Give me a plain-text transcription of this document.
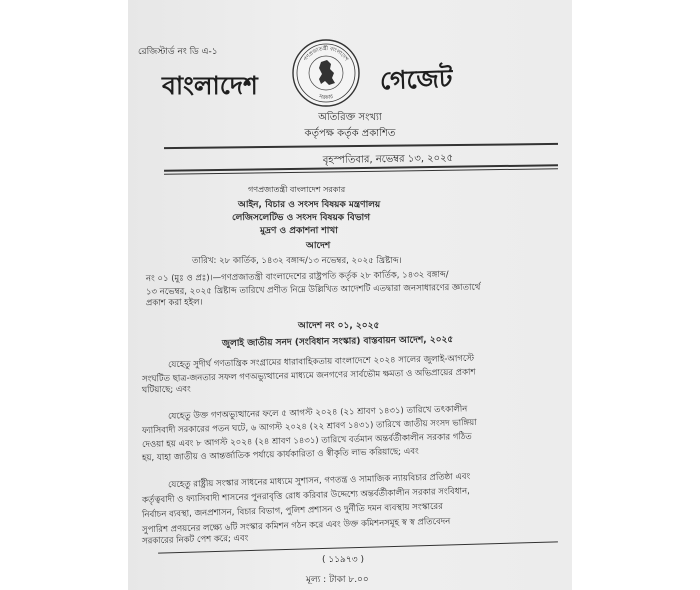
রেজিস্টার্ড নং ডি এ-১
বাংলাদেশ
গণপ্রজাতন্ত্রী বাংলাদেশ
সরকার
গেজেট
অতিরিক্ত সংখ্যা
কর্তৃপক্ষ কর্তৃক প্রকাশিত
বৃহস্পতিবার, নভেম্বর ১৩, ২০২৫
গণপ্রজাতন্ত্রী বাংলাদেশ সরকার
আইন, বিচার ও সংসদ বিষয়ক মন্ত্রণালয়
লেজিসলেটিভ ও সংসদ বিষয়ক বিভাগ
মুদ্রণ ও প্রকাশনা শাখা
আদেশ
তারিখ: ২৮ কার্তিক, ১৪৩২ বঙ্গাব্দ/১৩ নভেম্বর, ২০২৫ খ্রিষ্টাব্দ।
নং ০১ (মুঃ ও প্রঃ)।—গণপ্রজাতন্ত্রী বাংলাদেশের রাষ্ট্রপতি কর্তৃক ২৮ কার্তিক, ১৪৩২ বঙ্গাব্দ/
১৩ নভেম্বর, ২০২৫ খ্রিষ্টাব্দ তারিখে প্রণীত নিম্নে উল্লিখিত আদেশটি এতদ্বারা জনসাধারণের জ্ঞাতার্থে
প্রকাশ করা হইল।
আদেশ নং ০১, ২০২৫
জুলাই জাতীয় সনদ (সংবিধান সংস্কার) বাস্তবায়ন আদেশ, ২০২৫
যেহেতু সুদীর্ঘ গণতান্ত্রিক সংগ্রামের ধারাবাহিকতায় বাংলাদেশে ২০২৪ সালের জুলাই-আগস্টে
সংঘটিত ছাত্র-জনতার সফল গণঅভ্যুত্থানের মাধ্যমে জনগণের সার্বভৌম ক্ষমতা ও অভিপ্রায়ের প্রকাশ
ঘটিয়াছে; এবং
যেহেতু উক্ত গণঅভ্যুত্থানের ফলে ৫ আগস্ট ২০২৪ (২১ শ্রাবণ ১৪৩১) তারিখে তৎকালীন
ফ্যাসিবাদী সরকারের পতন ঘটে, ৬ আগস্ট ২০২৪ (২২ শ্রাবণ ১৪৩১) তারিখে জাতীয় সংসদ ভাঙ্গিয়া
দেওয়া হয় এবং ৮ আগস্ট ২০২৪ (২৪ শ্রাবণ ১৪৩১) তারিখে বর্তমান অন্তর্বর্তীকালীন সরকার গঠিত
হয়, যাহা জাতীয় ও আন্তর্জাতিক পর্যায়ে কার্যকারিতা ও স্বীকৃতি লাভ করিয়াছে; এবং
যেহেতু রাষ্ট্রীয় সংস্কার সাধনের মাধ্যমে সুশাসন, গণতন্ত্র ও সামাজিক ন্যায়বিচার প্রতিষ্ঠা এবং
কর্তৃত্ববাদী ও ফ্যাসিবাদী শাসনের পুনরাবৃত্তি রোধ করিবার উদ্দেশ্যে অন্তর্বর্তীকালীন সরকার সংবিধান,
নির্বাচন ব্যবস্থা, জনপ্রশাসন, বিচার বিভাগ, পুলিশ প্রশাসন ও দুর্নীতি দমন ব্যবস্থায় সংস্কারের
সুপারিশ প্রণয়নের লক্ষ্যে ৬টি সংস্কার কমিশন গঠন করে এবং উক্ত কমিশনসমূহ স্ব স্ব প্রতিবেদন
সরকারের নিকট পেশ করে; এবং
( ১১৯৭৩ )
মূল্য : টাকা ৮.০০
